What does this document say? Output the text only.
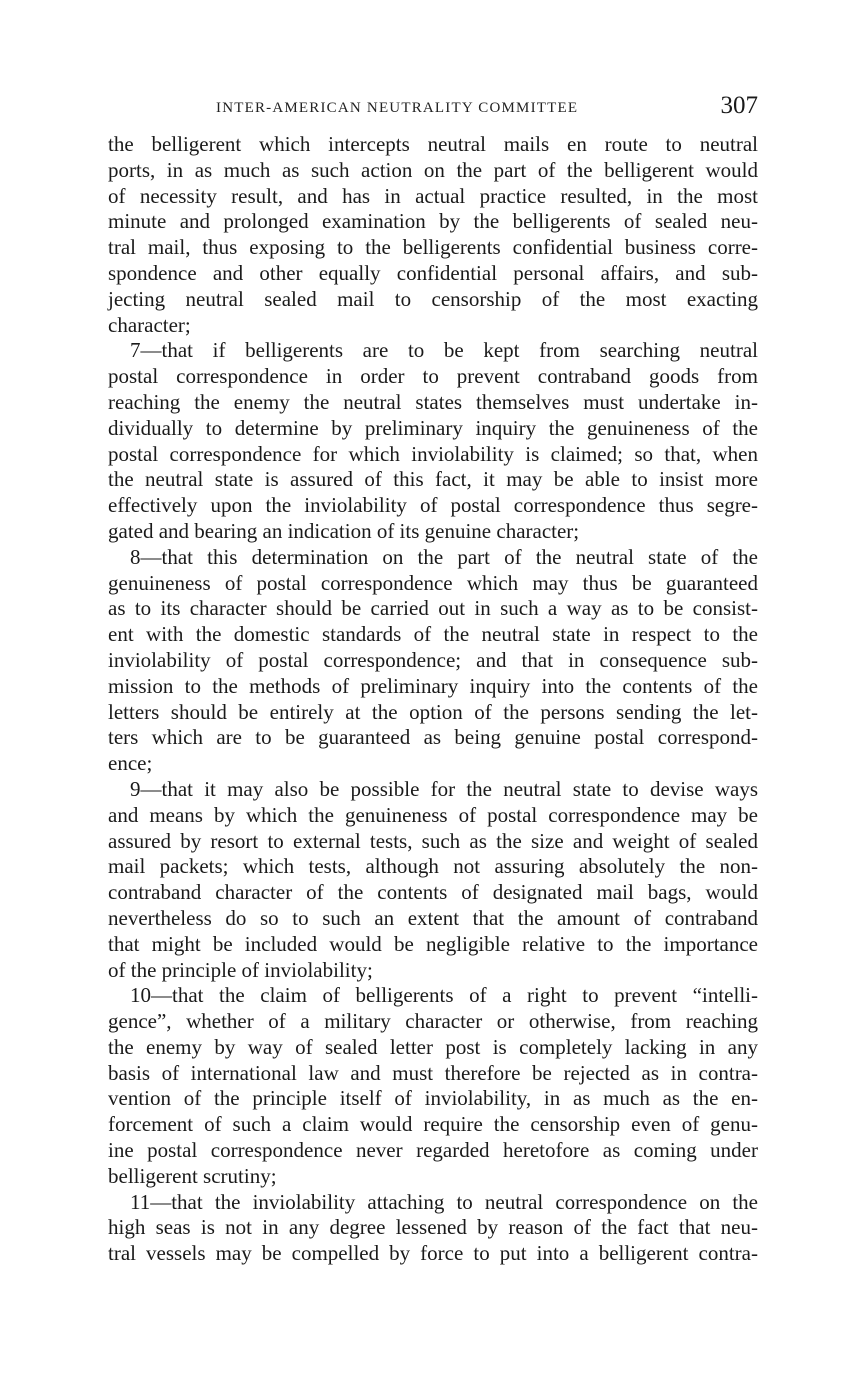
INTER-AMERICAN NEUTRALITY COMMITTEE	307
the belligerent which intercepts neutral mails en route to neutral
ports, in as much as such action on the part of the belligerent would
of necessity result, and has in actual practice resulted, in the most
minute and prolonged examination by the belligerents of sealed neu-
tral mail, thus exposing to the belligerents confidential business corre-
spondence and other equally confidential personal affairs, and sub-
jecting neutral sealed mail to censorship of the most exacting
character;
7—that if belligerents are to be kept from searching neutral
postal correspondence in order to prevent contraband goods from
reaching the enemy the neutral states themselves must undertake in-
dividually to determine by preliminary inquiry the genuineness of the
postal correspondence for which inviolability is claimed; so that, when
the neutral state is assured of this fact, it may be able to insist more
effectively upon the inviolability of postal correspondence thus segre-
gated and bearing an indication of its genuine character;
8—that this determination on the part of the neutral state of the
genuineness of postal correspondence which may thus be guaranteed
as to its character should be carried out in such a way as to be consist-
ent with the domestic standards of the neutral state in respect to the
inviolability of postal correspondence; and that in consequence sub-
mission to the methods of preliminary inquiry into the contents of the
letters should be entirely at the option of the persons sending the let-
ters which are to be guaranteed as being genuine postal correspond-
ence;
9—that it may also be possible for the neutral state to devise ways
and means by which the genuineness of postal correspondence may be
assured by resort to external tests, such as the size and weight of sealed
mail packets; which tests, although not assuring absolutely the non-
contraband character of the contents of designated mail bags, would
nevertheless do so to such an extent that the amount of contraband
that might be included would be negligible relative to the importance
of the principle of inviolability;
10—that the claim of belligerents of a right to prevent “intelli-
gence”, whether of a military character or otherwise, from reaching
the enemy by way of sealed letter post is completely lacking in any
basis of international law and must therefore be rejected as in contra-
vention of the principle itself of inviolability, in as much as the en-
forcement of such a claim would require the censorship even of genu-
ine postal correspondence never regarded heretofore as coming under
belligerent scrutiny;
11—that the inviolability attaching to neutral correspondence on the
high seas is not in any degree lessened by reason of the fact that neu-
tral vessels may be compelled by force to put into a belligerent contra-
